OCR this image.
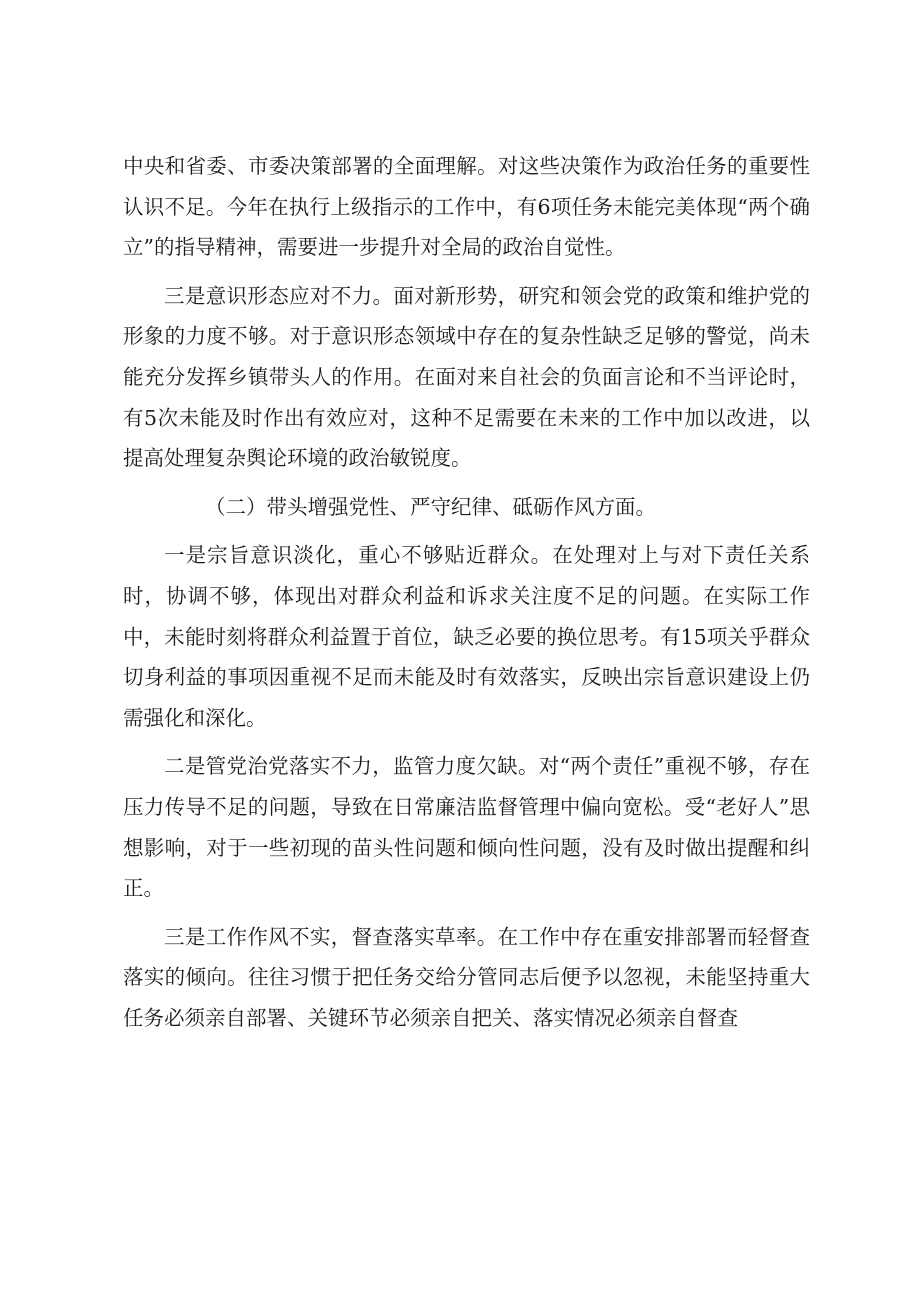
中央和省委、市委决策部署的全面理解。对这些决策作为政治任务的重要性认识不足。今年在执行上级指示的工作中，有6项任务未能完美体现“两个确立”的指导精神，需要进一步提升对全局的政治自觉性。

三是意识形态应对不力。面对新形势，研究和领会党的政策和维护党的形象的力度不够。对于意识形态领域中存在的复杂性缺乏足够的警觉，尚未能充分发挥乡镇带头人的作用。在面对来自社会的负面言论和不当评论时，有5次未能及时作出有效应对，这种不足需要在未来的工作中加以改进，以提高处理复杂舆论环境的政治敏锐度。

（二）带头增强党性、严守纪律、砥砺作风方面。

一是宗旨意识淡化，重心不够贴近群众。在处理对上与对下责任关系时，协调不够，体现出对群众利益和诉求关注度不足的问题。在实际工作中，未能时刻将群众利益置于首位，缺乏必要的换位思考。有15项关乎群众切身利益的事项因重视不足而未能及时有效落实，反映出宗旨意识建设上仍需强化和深化。

二是管党治党落实不力，监管力度欠缺。对“两个责任”重视不够，存在压力传导不足的问题，导致在日常廉洁监督管理中偏向宽松。受“老好人”思想影响，对于一些初现的苗头性问题和倾向性问题，没有及时做出提醒和纠正。

三是工作作风不实，督查落实草率。在工作中存在重安排部署而轻督查落实的倾向。往往习惯于把任务交给分管同志后便予以忽视，未能坚持重大任务必须亲自部署、关键环节必须亲自把关、落实情况必须亲自督查
